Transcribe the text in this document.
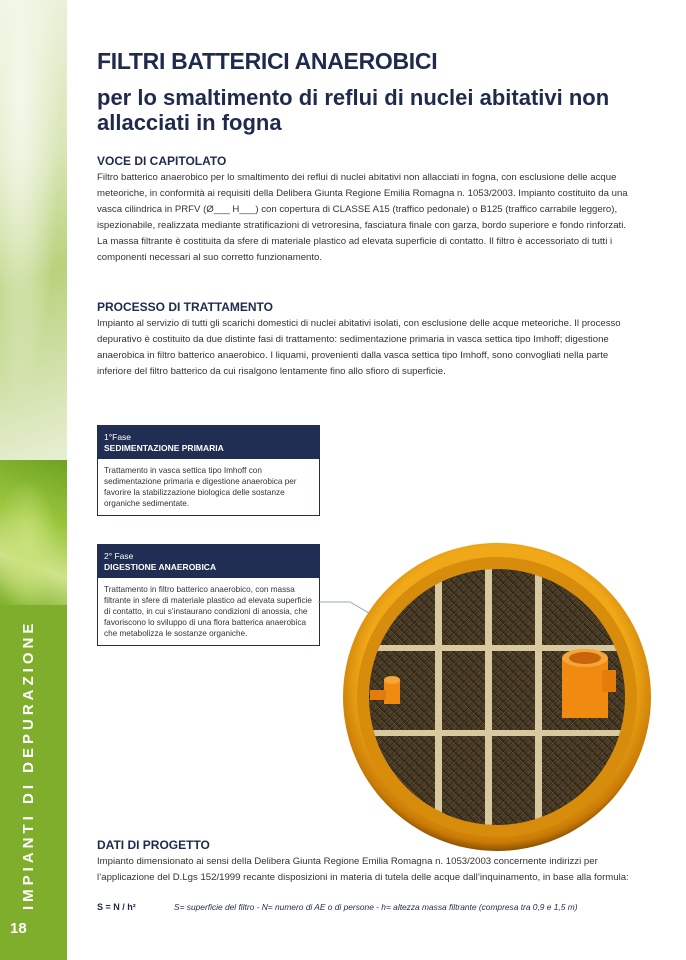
IMPIANTI DI DEPURAZIONE
18
FILTRI BATTERICI ANAEROBICI
per lo smaltimento di reflui di nuclei abitativi non allacciati in fogna
VOCE DI CAPITOLATO

Filtro batterico anaerobico per lo smaltimento dei reflui di nuclei abitativi non allacciati in fogna, con esclusione delle acque meteoriche, in conformità ai requisiti della Delibera Giunta Regione Emilia Romagna n. 1053/2003. Impianto costituito da una vasca cilindrica in PRFV (Ø___ H___) con copertura di CLASSE A15 (traffico pedonale) o B125 (traffico carrabile leggero), ispezionabile, realizzata mediante stratificazioni di vetroresina, fasciatura finale con garza, bordo superiore e fondo rinforzati. La massa filtrante è costituita da sfere di materiale plastico ad elevata superficie di contatto. Il filtro è accessoriato di tutti i componenti necessari al suo corretto funzionamento.

PROCESSO DI TRATTAMENTO

Impianto al servizio di tutti gli scarichi domestici di nuclei abitativi isolati, con esclusione delle acque meteoriche. Il processo depurativo è costituito da due distinte fasi di trattamento: sedimentazione primaria in vasca settica tipo Imhoff; digestione anaerobica in filtro batterico anaerobico. I liquami, provenienti dalla vasca settica tipo Imhoff, sono convogliati nella parte inferiore del filtro batterico da cui risalgono lentamente fino allo sfioro di superficie.

1°Fase
SEDIMENTAZIONE PRIMARIA
Trattamento in vasca settica tipo Imhoff con sedimentazione primaria e digestione anaerobica per favorire la stabilizzazione biologica delle sostanze organiche sedimentate.
2° Fase
DIGESTIONE ANAEROBICA
Trattamento in filtro batterico anaerobico, con massa filtrante in sfere di materiale plastico ad elevata superficie di contatto, in cui s’instaurano condizioni di anossia, che favoriscono lo sviluppo di una flora batterica anaerobica che metabolizza le sostanze organiche.
DATI DI PROGETTO

Impianto dimensionato ai sensi della Delibera Giunta Regione Emilia Romagna n. 1053/2003 concernente indirizzi per l’applicazione del D.Lgs 152/1999 recante disposizioni in materia di tutela delle acque dall’inquinamento, in base alla formula:

S = N / h²	S= superficie del filtro - N= numero di AE o di persone - h= altezza massa filtrante (compresa tra 0,9 e 1,5 m)
